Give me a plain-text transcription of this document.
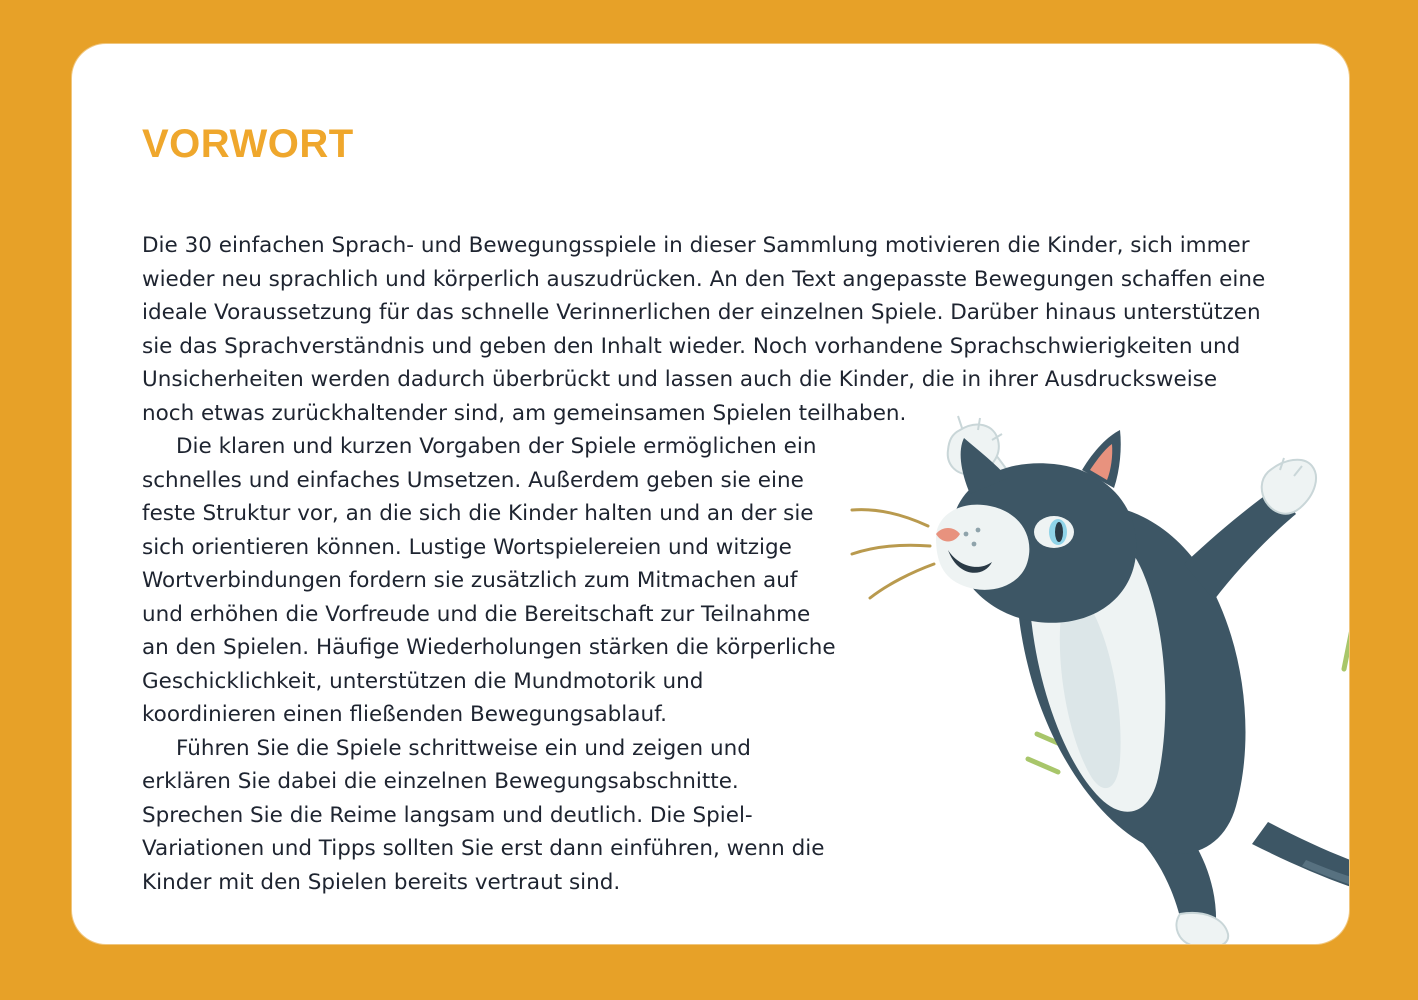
VORWORT

Die 30 einfachen Sprach- und Bewegungsspiele in dieser Sammlung motivieren die Kinder, sich immer wieder neu sprachlich und körperlich auszudrücken. An den Text angepasste Bewegungen schaffen eine ideale Voraussetzung für das schnelle Verinnerlichen der einzelnen Spiele. Darüber hinaus unterstützen sie das Sprachverständnis und geben den Inhalt wieder. Noch vorhandene Sprachschwierigkeiten und Unsicherheiten werden dadurch überbrückt und lassen auch die Kinder, die in ihrer Ausdrucksweise noch etwas zurückhaltender sind, am gemeinsamen Spielen teilhaben.

Die klaren und kurzen Vorgaben der Spiele ermöglichen ein schnelles und einfaches Umsetzen. Außerdem geben sie eine feste Struktur vor, an die sich die Kinder halten und an der sie sich orientieren können. Lustige Wortspielereien und witzige Wortverbindungen fordern sie zusätzlich zum Mitmachen auf und erhöhen die Vorfreude und die Bereitschaft zur Teilnahme an den Spielen. Häufige Wiederholungen stärken die körperliche Geschicklichkeit, unterstützen die Mundmotorik und koordinieren einen fließenden Bewegungsablauf.

Führen Sie die Spiele schrittweise ein und zeigen und erklären Sie dabei die einzelnen Bewegungsabschnitte. Sprechen Sie die Reime langsam und deutlich. Die Spiel-Variationen und Tipps sollten Sie erst dann einführen, wenn die Kinder mit den Spielen bereits vertraut sind.
